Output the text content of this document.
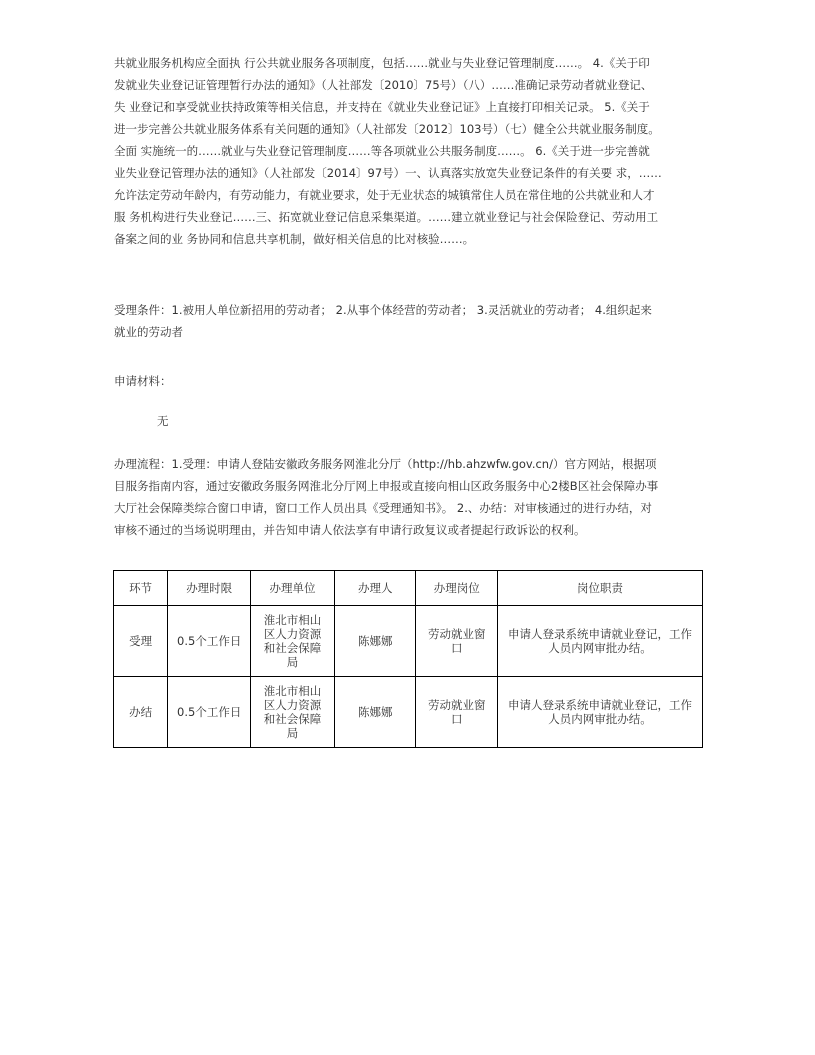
共就业服务机构应全面执 行公共就业服务各项制度，包括……就业与失业登记管理制度……。 4.《关于印
发就业失业登记证管理暂行办法的通知》（人社部发〔2010〕75号）（八）……准确记录劳动者就业登记、
失 业登记和享受就业扶持政策等相关信息，并支持在《就业失业登记证》上直接打印相关记录。 5.《关于
进一步完善公共就业服务体系有关问题的通知》（人社部发〔2012〕103号）（七）健全公共就业服务制度。
全面 实施统一的……就业与失业登记管理制度……等各项就业公共服务制度……。 6.《关于进一步完善就
业失业登记管理办法的通知》（人社部发〔2014〕97号）一、认真落实放宽失业登记条件的有关要 求，……
允许法定劳动年龄内，有劳动能力，有就业要求，处于无业状态的城镇常住人员在常住地的公共就业和人才
服 务机构进行失业登记……三、拓宽就业登记信息采集渠道。……建立就业登记与社会保险登记、劳动用工
备案之间的业 务协同和信息共享机制，做好相关信息的比对核验……。
受理条件：1.被用人单位新招用的劳动者； 2.从事个体经营的劳动者； 3.灵活就业的劳动者； 4.组织起来
就业的劳动者
申请材料：
无
办理流程：1.受理：申请人登陆安徽政务服务网淮北分厅（http://hb.ahzwfw.gov.cn/）官方网站，根据项
目服务指南内容，通过安徽政务服务网淮北分厅网上申报或直接向相山区政务服务中心2楼B区社会保障办事
大厅社会保障类综合窗口申请，窗口工作人员出具《受理通知书》。 2.、办结：对审核通过的进行办结，对
审核不通过的当场说明理由，并告知申请人依法享有申请行政复议或者提起行政诉讼的权利。
环节	办理时限	办理单位	办理人	办理岗位	岗位职责
受理	0.5个工作日	淮北市相山区人力资源和社会保障局	陈娜娜	劳动就业窗口	申请人登录系统申请就业登记，工作人员内网审批办结。
办结	0.5个工作日	淮北市相山区人力资源和社会保障局	陈娜娜	劳动就业窗口	申请人登录系统申请就业登记，工作人员内网审批办结。
